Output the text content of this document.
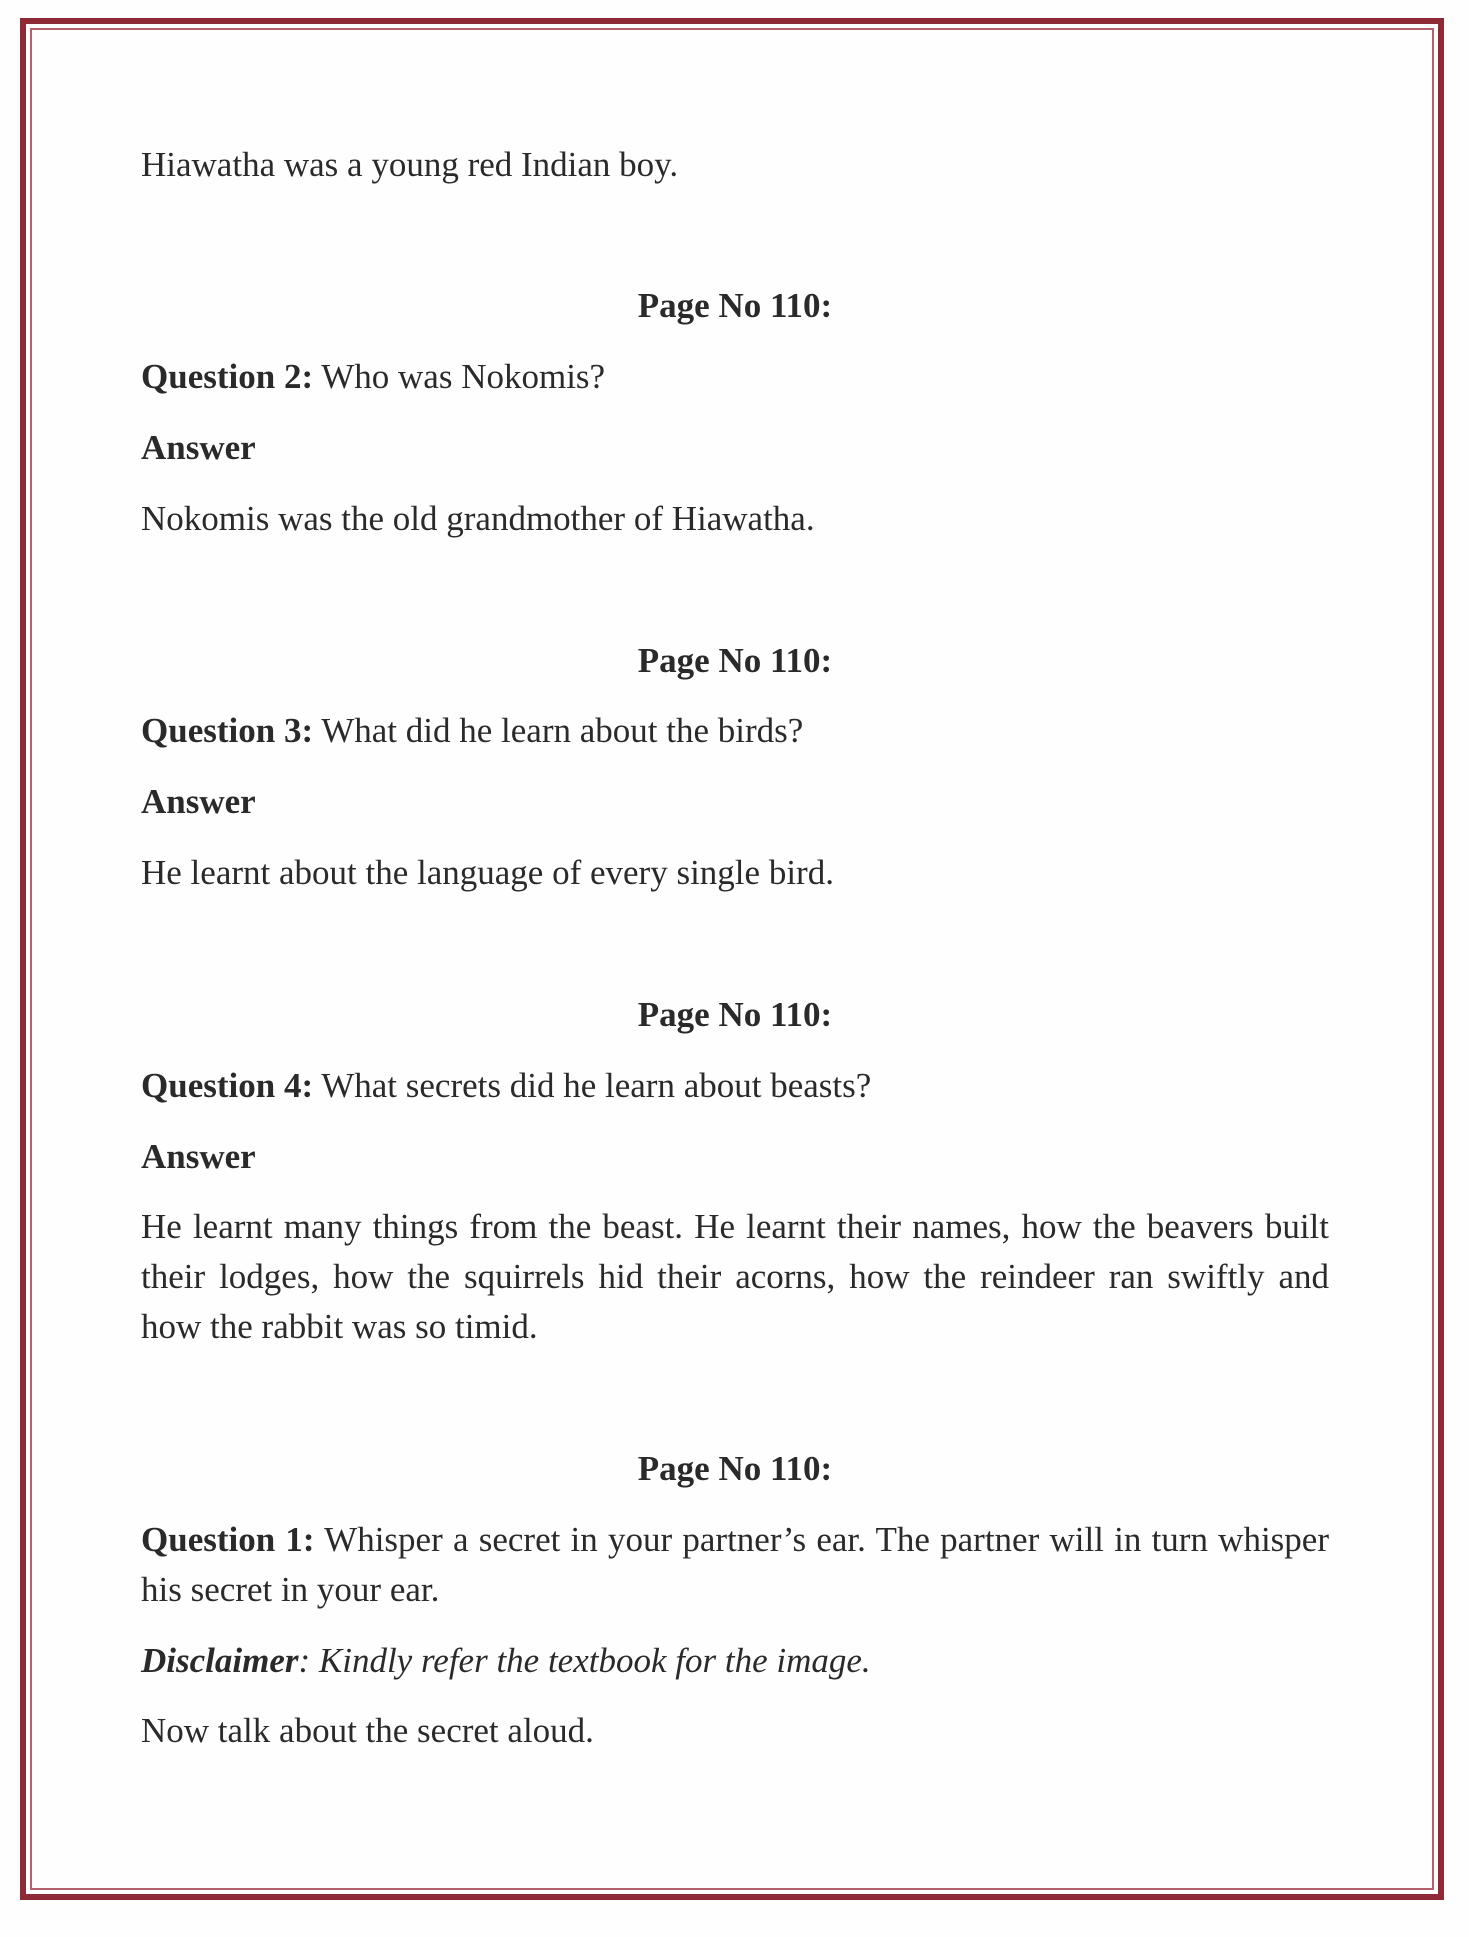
Hiawatha was a young red Indian boy.
Page No 110:
Question 2: Who was Nokomis?
Answer
Nokomis was the old grandmother of Hiawatha.
Page No 110:
Question 3: What did he learn about the birds?
Answer
He learnt about the language of every single bird.
Page No 110:
Question 4: What secrets did he learn about beasts?
Answer
He learnt many things from the beast. He learnt their names, how the beavers built their lodges, how the squirrels hid their acorns, how the reindeer ran swiftly and how the rabbit was so timid.
Page No 110:
Question 1: Whisper a secret in your partner’s ear. The partner will in turn whisper his secret in your ear.
Disclaimer: Kindly refer the textbook for the image.
Now talk about the secret aloud.
